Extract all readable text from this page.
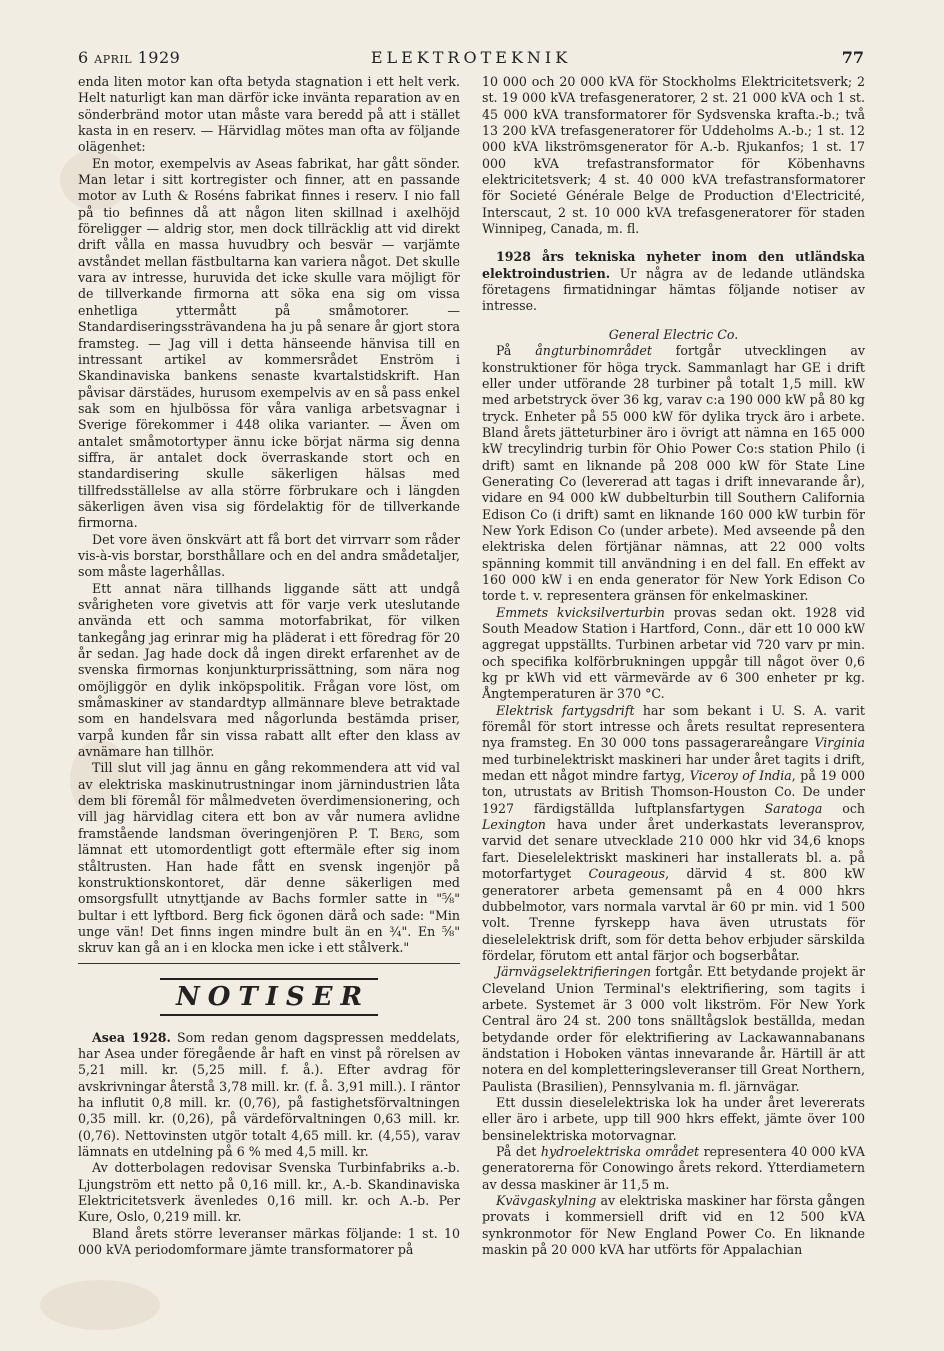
6 april 1929	ELEKTROTEKNIK	77

enda liten motor kan ofta betyda stagnation i ett helt verk. Helt naturligt kan man därför icke invänta reparation av en sönderbränd motor utan måste vara beredd på att i stället kasta in en reserv. — Härvidlag mötes man ofta av följande olägenhet:

En motor, exempelvis av Aseas fabrikat, har gått sönder. Man letar i sitt kortregister och finner, att en passande motor av Luth & Roséns fabrikat finnes i reserv. I nio fall på tio befinnes då att någon liten skillnad i axelhöjd föreligger — aldrig stor, men dock tillräcklig att vid direkt drift vålla en massa huvudbry och besvär — varjämte avståndet mellan fästbultarna kan variera något. Det skulle vara av intresse, huruvida det icke skulle vara möjligt för de tillverkande firmorna att söka ena sig om vissa enhetliga yttermått på småmotorer. — Standardiseringssträvandena ha ju på senare år gjort stora framsteg. — Jag vill i detta hänseende hänvisa till en intressant artikel av kommersrådet Enström i Skandinaviska bankens senaste kvartalstidskrift. Han påvisar därstädes, hurusom exempelvis av en så pass enkel sak som en hjulbössa för våra vanliga arbetsvagnar i Sverige förekommer i 448 olika varianter. — Även om antalet småmotortyper ännu icke börjat närma sig denna siffra, är antalet dock överraskande stort och en standardisering skulle säkerligen hälsas med tillfredsställelse av alla större förbrukare och i längden säkerligen även visa sig fördelaktig för de tillverkande firmorna.

Det vore även önskvärt att få bort det virrvarr som råder vis-à-vis borstar, borsthållare och en del andra smådetaljer, som måste lagerhållas.

Ett annat nära tillhands liggande sätt att undgå svårigheten vore givetvis att för varje verk uteslutande använda ett och samma motorfabrikat, för vilken tankegång jag erinrar mig ha pläderat i ett föredrag för 20 år sedan. Jag hade dock då ingen direkt erfarenhet av de svenska firmornas konjunkturprissättning, som nära nog omöjliggör en dylik inköpspolitik. Frågan vore löst, om småmaskiner av standardtyp allmännare bleve betraktade som en handelsvara med någorlunda bestämda priser, varpå kunden får sin vissa rabatt allt efter den klass av avnämare han tillhör.

Till slut vill jag ännu en gång rekommendera att vid val av elektriska maskinutrustningar inom järnindustrien låta dem bli föremål för målmedveten överdimensionering, och vill jag härvidlag citera ett bon av vår numera avlidne framstående landsman överingenjören P. T. Berg, som lämnat ett utomordentligt gott eftermäle efter sig inom ståltrusten. Han hade fått en svensk ingenjör på konstruktionskontoret, där denne säkerligen med omsorgsfullt utnyttjande av Bachs formler satte in "⅝" bultar i ett lyftbord. Berg fick ögonen därå och sade: "Min unge vän! Det finns ingen mindre bult än en ¾". En ⅝" skruv kan gå an i en klocka men icke i ett stålverk."

NOTISER

Asea 1928. Som redan genom dagspressen meddelats, har Asea under föregående år haft en vinst på rörelsen av 5,21 mill. kr. (5,25 mill. f. å.). Efter avdrag för avskrivningar återstå 3,78 mill. kr. (f. å. 3,91 mill.). I räntor ha influtit 0,8 mill. kr. (0,76), på fastighetsförvaltningen 0,35 mill. kr. (0,26), på värdeförvaltningen 0,63 mill. kr. (0,76). Nettovinsten utgör totalt 4,65 mill. kr. (4,55), varav lämnats en utdelning på 6 % med 4,5 mill. kr.

Av dotterbolagen redovisar Svenska Turbinfabriks a.-b. Ljungström ett netto på 0,16 mill. kr., A.-b. Skandinaviska Elektricitetsverk ävenledes 0,16 mill. kr. och A.-b. Per Kure, Oslo, 0,219 mill. kr.

Bland årets större leveranser märkas följande: 1 st. 10 000 kVA periodomformare jämte transformatorer på

10 000 och 20 000 kVA för Stockholms Elektricitetsverk; 2 st. 19 000 kVA trefasgeneratorer, 2 st. 21 000 kVA och 1 st. 45 000 kVA transformatorer för Sydsvenska krafta.-b.; två 13 200 kVA trefasgeneratorer för Uddeholms A.-b.; 1 st. 12 000 kVA likströmsgenerator för A.-b. Rjukanfos; 1 st. 17 000 kVA trefastransformator för Köbenhavns elektricitetsverk; 4 st. 40 000 kVA trefastransformatorer för Societé Générale Belge de Production d'Electricité, Interscaut, 2 st. 10 000 kVA trefasgeneratorer för staden Winnipeg, Canada, m. fl.

1928 års tekniska nyheter inom den utländska elektroindustrien. Ur några av de ledande utländska företagens firmatidningar hämtas följande notiser av intresse.

General Electric Co.

På ångturbinområdet fortgår utvecklingen av konstruktioner för höga tryck. Sammanlagt har GE i drift eller under utförande 28 turbiner på totalt 1,5 mill. kW med arbetstryck över 36 kg, varav c:a 190 000 kW på 80 kg tryck. Enheter på 55 000 kW för dylika tryck äro i arbete. Bland årets jätteturbiner äro i övrigt att nämna en 165 000 kW trecylindrig turbin för Ohio Power Co:s station Philo (i drift) samt en liknande på 208 000 kW för State Line Generating Co (levererad att tagas i drift innevarande år), vidare en 94 000 kW dubbelturbin till Southern California Edison Co (i drift) samt en liknande 160 000 kW turbin för New York Edison Co (under arbete). Med avseende på den elektriska delen förtjänar nämnas, att 22 000 volts spänning kommit till användning i en del fall. En effekt av 160 000 kW i en enda generator för New York Edison Co torde t. v. representera gränsen för enkelmaskiner.

Emmets kvicksilverturbin provas sedan okt. 1928 vid South Meadow Station i Hartford, Conn., där ett 10 000 kW aggregat uppställts. Turbinen arbetar vid 720 varv pr min. och specifika kolförbrukningen uppgår till något över 0,6 kg pr kWh vid ett värmevärde av 6 300 enheter pr kg. Ångtemperaturen är 370 °C.

Elektrisk fartygsdrift har som bekant i U. S. A. varit föremål för stort intresse och årets resultat representera nya framsteg. En 30 000 tons passagerareångare Virginia med turbinelektriskt maskineri har under året tagits i drift, medan ett något mindre fartyg, Viceroy of India, på 19 000 ton, utrustats av British Thomson-Houston Co. De under 1927 färdigställda luftplansfartygen Saratoga och Lexington hava under året underkastats leveransprov, varvid det senare utvecklade 210 000 hkr vid 34,6 knops fart. Dieselelektriskt maskineri har installerats bl. a. på motorfartyget Courageous, därvid 4 st. 800 kW generatorer arbeta gemensamt på en 4 000 hkrs dubbelmotor, vars normala varvtal är 60 pr min. vid 1 500 volt. Trenne fyrskepp hava även utrustats för dieselelektrisk drift, som för detta behov erbjuder särskilda fördelar, förutom ett antal färjor och bogserbåtar.

Järnvägselektrifieringen fortgår. Ett betydande projekt är Cleveland Union Terminal's elektrifiering, som tagits i arbete. Systemet är 3 000 volt likström. För New York Central äro 24 st. 200 tons snälltågslok beställda, medan betydande order för elektrifiering av Lackawannabanans ändstation i Hoboken väntas innevarande år. Härtill är att notera en del kompletteringsleveranser till Great Northern, Paulista (Brasilien), Pennsylvania m. fl. järnvägar.

Ett dussin dieselelektriska lok ha under året levererats eller äro i arbete, upp till 900 hkrs effekt, jämte över 100 bensinelektriska motorvagnar.

På det hydroelektriska området representera 40 000 kVA generatorerna för Conowingo årets rekord. Ytterdiametern av dessa maskiner är 11,5 m.

Kvävgaskylning av elektriska maskiner har första gången provats i kommersiell drift vid en 12 500 kVA synkronmotor för New England Power Co. En liknande maskin på 20 000 kVA har utförts för Appalachian
